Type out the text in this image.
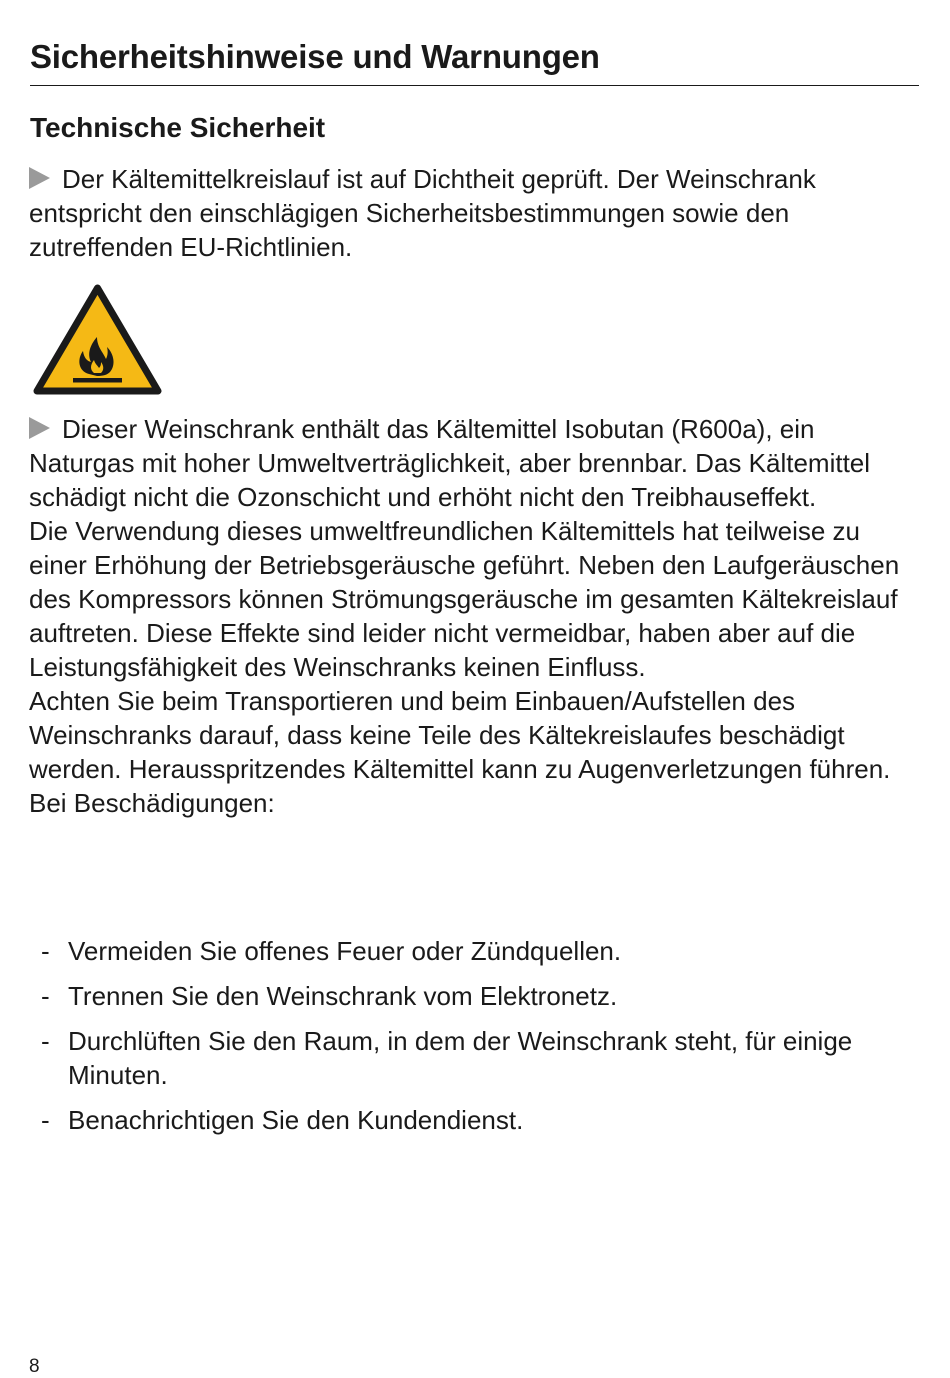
Sicherheitshinweise und Warnungen
Technische Sicherheit

Der Kältemittelkreislauf ist auf Dichtheit geprüft. Der Weinschrank entspricht den einschlägigen Sicherheitsbestimmungen sowie den zutreffenden EU-Richtlinien.

Dieser Weinschrank enthält das Kältemittel Isobutan (R600a), ein Naturgas mit hoher Umweltverträglichkeit, aber brennbar. Das Kältemittel schädigt nicht die Ozonschicht und erhöht nicht den Treibhauseffekt.

Die Verwendung dieses umweltfreundlichen Kältemittels hat teilweise zu einer Erhöhung der Betriebsgeräusche geführt. Neben den Laufgeräuschen des Kompressors können Strömungsgeräusche im gesamten Kältekreislauf auftreten. Diese Effekte sind leider nicht vermeidbar, haben aber auf die Leistungsfähigkeit des Weinschranks keinen Einfluss.

Achten Sie beim Transportieren und beim Einbauen/Aufstellen des Weinschranks darauf, dass keine Teile des Kältekreislaufes beschädigt werden. Herausspritzendes Kältemittel kann zu Augenverletzungen führen.

Bei Beschädigungen:

- Vermeiden Sie offenes Feuer oder Zündquellen.
- Trennen Sie den Weinschrank vom Elektronetz.
- Durchlüften Sie den Raum, in dem der Weinschrank steht, für einige Minuten.
- Benachrichtigen Sie den Kundendienst.
8
